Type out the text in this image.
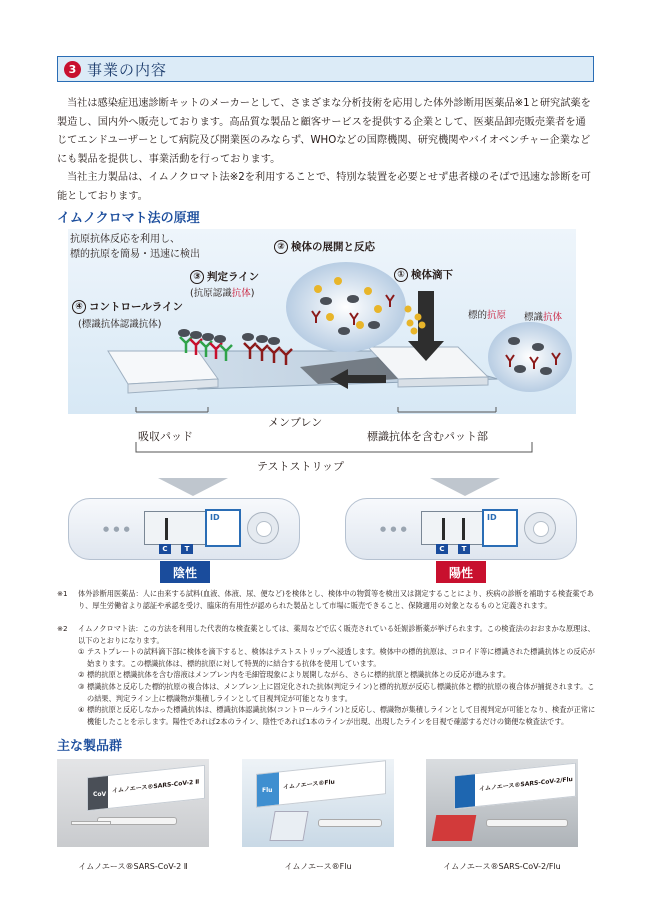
3 事業の内容

当社は感染症迅速診断キットのメーカーとして、さまざまな分析技術を応用した体外診断用医薬品※1と研究試薬を製造し、国内外へ販売しております。高品質な製品と顧客サービスを提供する企業として、医薬品卸売販売業者を通じてエンドユーザーとして病院及び開業医のみならず、WHOなどの国際機関、研究機関やバイオベンチャー企業などにも製品を提供し、事業活動を行っております。

当社主力製品は、イムノクロマト法※2を利用することで、特別な装置を必要とせず患者様のそばで迅速な診断を可能としております。

イムノクロマト法の原理
抗原抗体反応を利用し、
標的抗原を簡易・迅速に検出
② 検体の展開と反応
① 検体滴下
③ 判定ライン
(抗原認識抗体)
④ コントロールライン
(標識抗体認識抗体)
標的抗原 標識抗体
メンブレン
吸収パッド	標識抗体を含むパット部
テストストリップ
● ● ●
C	T
ID
陰性
● ● ●
C	T
ID
陽性
※1 体外診断用医薬品：人に由来する試料(血液、体液、尿、便など)を検体とし、検体中の物質等を検出又は測定することにより、疾病の診断を補助する検査薬であり、厚生労働省より認証や承認を受け、臨床的有用性が認められた製品として市場に販売できること、保険適用の対象となるものと定義されます。
※2 イムノクロマト法：この方法を利用した代表的な検査薬としては、薬局などで広く販売されている妊娠診断薬が挙げられます。この検査法のおおまかな原理は、以下のとおりになります。
① テストプレートの試料滴下部に検体を滴下すると、検体はテストストリップへ浸透します。検体中の標的抗原は、コロイド等に標識された標識抗体との反応が始まります。この標識抗体は、標的抗原に対して特異的に結合する抗体を使用しています。
② 標的抗原と標識抗体を含む溶液はメンブレン内を毛細管現象により展開しながら、さらに標的抗原と標識抗体との反応が進みます。
③ 標識抗体と反応した標的抗原の複合体は、メンブレン上に固定化された抗体(判定ライン)と標的抗原が反応し標識抗体と標的抗原の複合体が捕捉されます。この結果、判定ライン上に標識物が集積しラインとして目視判定が可能となります。
④ 標的抗原と反応しなかった標識抗体は、標識抗体認識抗体(コントロールライン)と反応し、標識物が集積しラインとして目視判定が可能となり、検査が正常に機能したことを示します。陽性であれば2本のライン、陰性であれば1本のラインが出現、出現したラインを目視で確認するだけの簡便な検査法です。
主な製品群
イムノエース®SARS-CoV-2 Ⅱ
CoV
イムノエース®SARS-CoV-2 Ⅱ
イムノエース®Flu
Flu
イムノエース®Flu
イムノエース®SARS-CoV-2/Flu
イムノエース®SARS-CoV-2/Flu
